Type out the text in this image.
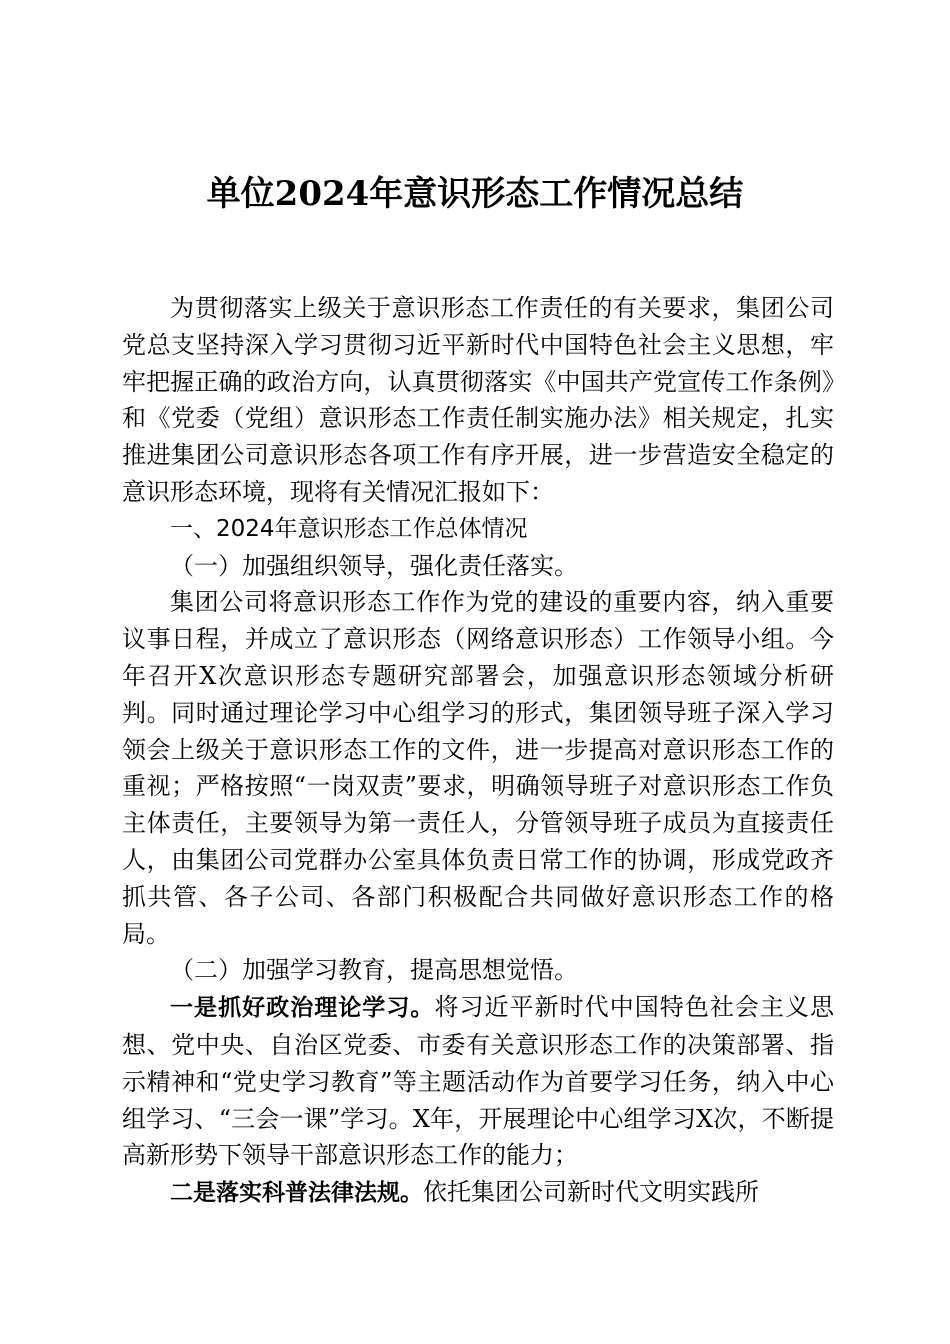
单位2024年意识形态工作情况总结

为贯彻落实上级关于意识形态工作责任的有关要求，集团公司党总支坚持深入学习贯彻习近平新时代中国特色社会主义思想，牢牢把握正确的政治方向，认真贯彻落实《中国共产党宣传工作条例》和《党委（党组）意识形态工作责任制实施办法》相关规定，扎实推进集团公司意识形态各项工作有序开展，进一步营造安全稳定的意识形态环境，现将有关情况汇报如下：

一、2024年意识形态工作总体情况

（一）加强组织领导，强化责任落实。

集团公司将意识形态工作作为党的建设的重要内容，纳入重要议事日程，并成立了意识形态（网络意识形态）工作领导小组。今年召开X次意识形态专题研究部署会，加强意识形态领域分析研判。同时通过理论学习中心组学习的形式，集团领导班子深入学习领会上级关于意识形态工作的文件，进一步提高对意识形态工作的重视；严格按照“一岗双责”要求，明确领导班子对意识形态工作负主体责任，主要领导为第一责任人，分管领导班子成员为直接责任人，由集团公司党群办公室具体负责日常工作的协调，形成党政齐抓共管、各子公司、各部门积极配合共同做好意识形态工作的格局。

（二）加强学习教育，提高思想觉悟。

一是抓好政治理论学习。将习近平新时代中国特色社会主义思想、党中央、自治区党委、市委有关意识形态工作的决策部署、指示精神和“党史学习教育”等主题活动作为首要学习任务，纳入中心组学习、“三会一课”学习。X年，开展理论中心组学习X次，不断提高新形势下领导干部意识形态工作的能力；

二是落实科普法律法规。依托集团公司新时代文明实践所
